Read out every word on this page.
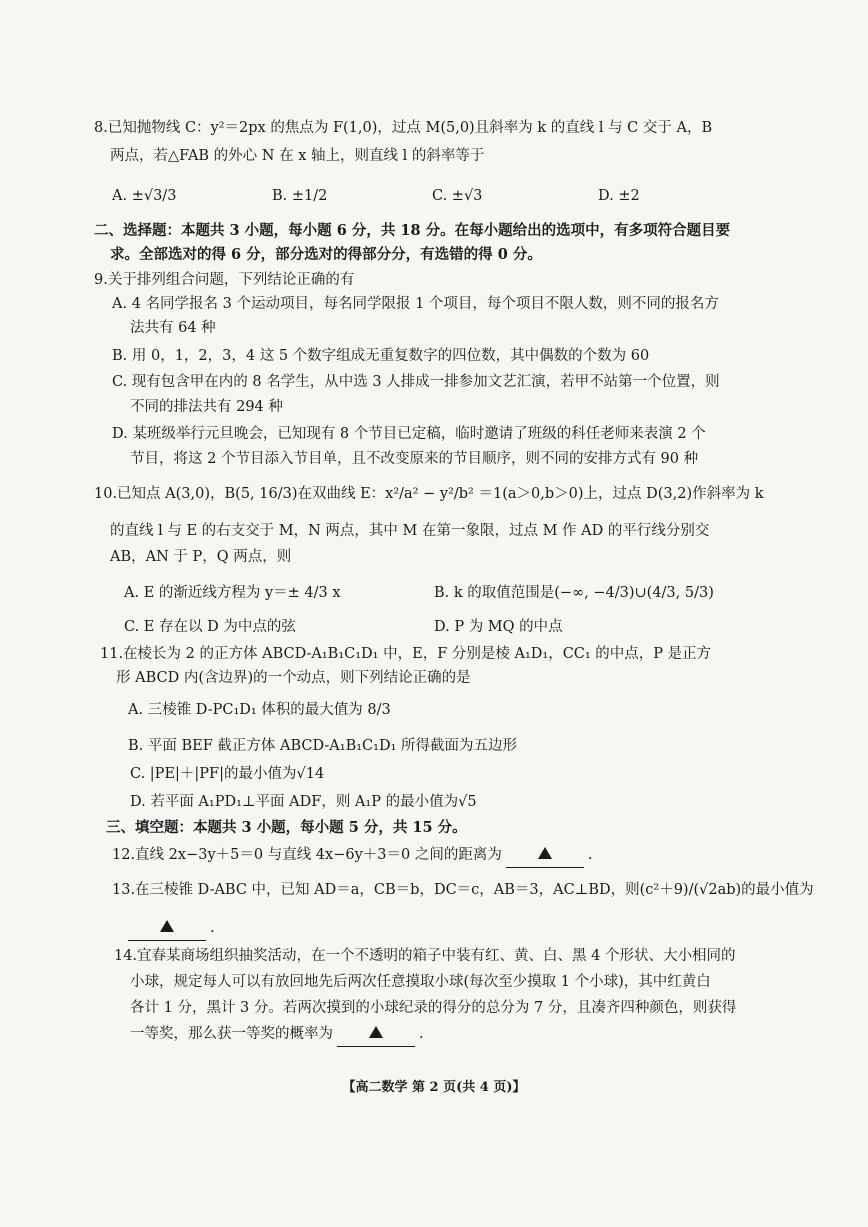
8.已知抛物线 C：y²＝2px 的焦点为 F(1,0)，过点 M(5,0)且斜率为 k 的直线 l 与 C 交于 A，B
两点，若△FAB 的外心 N 在 x 轴上，则直线 l 的斜率等于
A. ±√3/3	B. ±1/2	C. ±√3	D. ±2
二、选择题：本题共 3 小题，每小题 6 分，共 18 分。在每小题给出的选项中，有多项符合题目要
求。全部选对的得 6 分，部分选对的得部分分，有选错的得 0 分。
9.关于排列组合问题，下列结论正确的有
A. 4 名同学报名 3 个运动项目，每名同学限报 1 个项目，每个项目不限人数，则不同的报名方
法共有 64 种
B. 用 0，1，2，3，4 这 5 个数字组成无重复数字的四位数，其中偶数的个数为 60
C. 现有包含甲在内的 8 名学生，从中选 3 人排成一排参加文艺汇演，若甲不站第一个位置，则
不同的排法共有 294 种
D. 某班级举行元旦晚会，已知现有 8 个节目已定稿，临时邀请了班级的科任老师来表演 2 个
节目，将这 2 个节目添入节目单，且不改变原来的节目顺序，则不同的安排方式有 90 种
10.已知点 A(3,0)，B(5, 16/3)在双曲线 E：x²/a² − y²/b² ＝1(a＞0,b＞0)上，过点 D(3,2)作斜率为 k
的直线 l 与 E 的右支交于 M，N 两点，其中 M 在第一象限，过点 M 作 AD 的平行线分别交
AB，AN 于 P，Q 两点，则
A. E 的渐近线方程为 y＝± 4/3 x	B. k 的取值范围是(−∞, −4/3)∪(4/3, 5/3)
C. E 存在以 D 为中点的弦	D. P 为 MQ 的中点
11.在棱长为 2 的正方体 ABCD-A₁B₁C₁D₁ 中，E，F 分别是棱 A₁D₁，CC₁ 的中点，P 是正方
形 ABCD 内(含边界)的一个动点，则下列结论正确的是
A. 三棱锥 D-PC₁D₁ 体积的最大值为 8/3
B. 平面 BEF 截正方体 ABCD-A₁B₁C₁D₁ 所得截面为五边形
C. |PE|＋|PF|的最小值为√14
D. 若平面 A₁PD₁⊥平面 ADF，则 A₁P 的最小值为√5
三、填空题：本题共 3 小题，每小题 5 分，共 15 分。
12.直线 2x−3y＋5＝0 与直线 4x−6y＋3＝0 之间的距离为	.
13.在三棱锥 D-ABC 中，已知 AD＝a，CB＝b，DC＝c，AB＝3，AC⊥BD，则(c²＋9)/(√2ab)的最小值为
.
14.宜春某商场组织抽奖活动，在一个不透明的箱子中装有红、黄、白、黑 4 个形状、大小相同的
小球，规定每人可以有放回地先后两次任意摸取小球(每次至少摸取 1 个小球)，其中红黄白
各计 1 分，黑计 3 分。若两次摸到的小球纪录的得分的总分为 7 分，且凑齐四种颜色，则获得
一等奖，那么获一等奖的概率为	.
【高二数学 第 2 页(共 4 页)】
